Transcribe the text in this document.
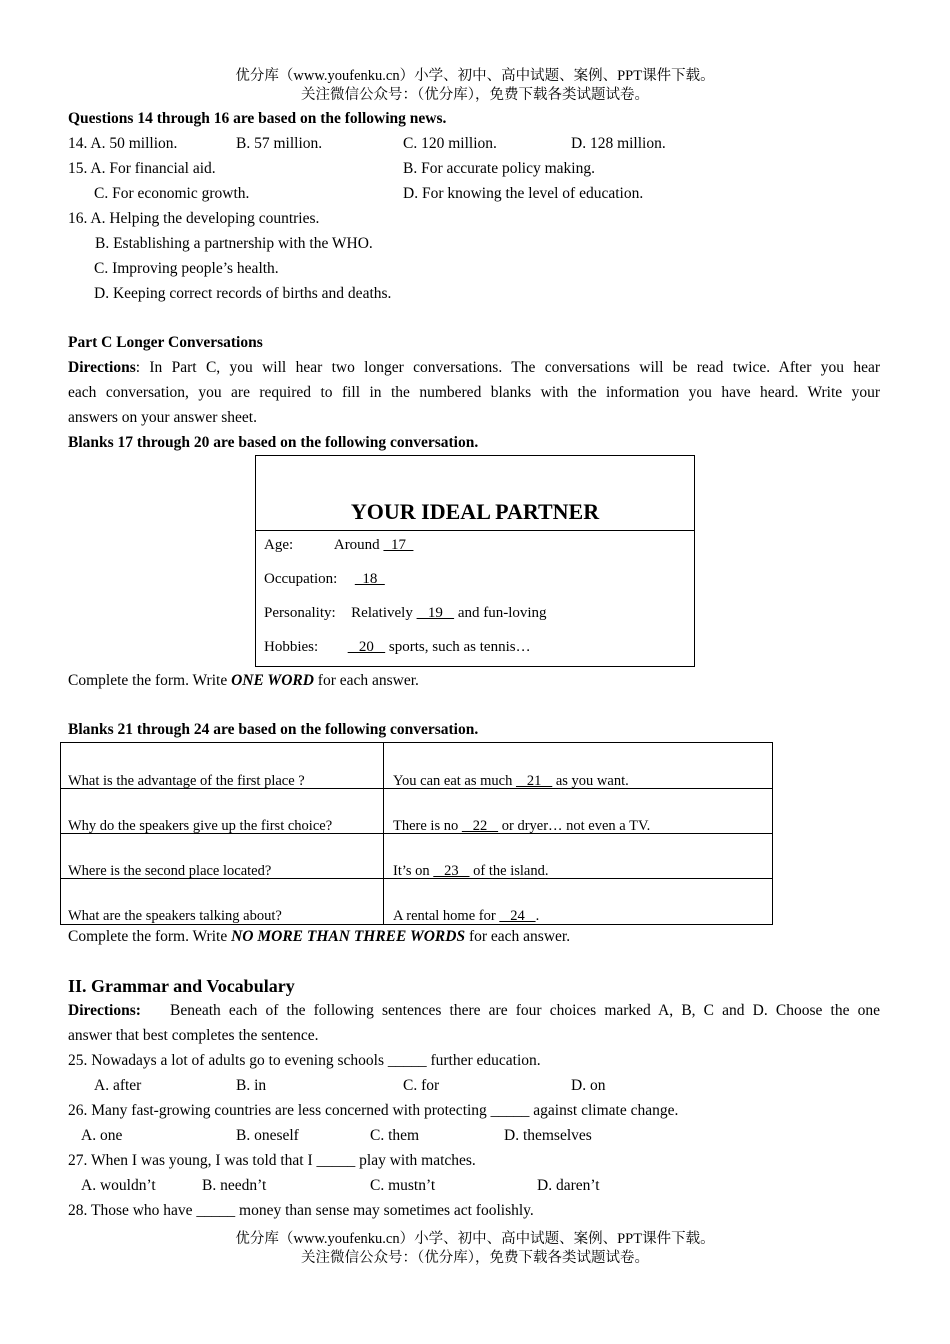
优分库（www.youfenku.cn）小学、初中、高中试题、案例、PPT课件下载。
关注微信公众号：（优分库），免费下载各类试题试卷。
Questions 14 through 16 are based on the following news.
14. A. 50 million.	B. 57 million.	C. 120 million.	D. 128 million.
15. A. For financial aid.	B. For accurate policy making.
C. For economic growth.	D. For knowing the level of education.
16. A. Helping the developing countries.
B. Establishing a partnership with the WHO.
C. Improving people’s health.
D. Keeping correct records of births and deaths.
Part C Longer Conversations
Directions: In Part C, you will hear two longer conversations. The conversations will be read twice. After you hear
each conversation, you are required to fill in the numbered blanks with the information you have heard. Write your
answers on your answer sheet.
Blanks 17 through 20 are based on the following conversation.
YOUR IDEAL PARTNER
Age:	Around   17
Occupation:    18
Personality: Relatively    19    and fun-loving
Hobbies:     20    sports, such as tennis…
Complete the form. Write ONE WORD for each answer.
Blanks 21 through 24 are based on the following conversation.
What is the advantage of the first place ?	You can eat as much    21    as you want.
Why do the speakers give up the first choice?	There is no    22    or dryer… not even a TV.
Where is the second place located?	It’s on    23    of the island.
What are the speakers talking about?	A rental home for    24   .
Complete the form. Write NO MORE THAN THREE WORDS for each answer.
II. Grammar and Vocabulary
Directions: Beneath each of the following sentences there are four choices marked A, B, C and D. Choose the one
answer that best completes the sentence.
25. Nowadays a lot of adults go to evening schools _____ further education.
A. after	B. in	C. for	D. on
26. Many fast-growing countries are less concerned with protecting _____ against climate change.
A. one	B. oneself	C. them	D. themselves
27. When I was young, I was told that I _____ play with matches.
A. wouldn’t	B. needn’t	C. mustn’t	D. daren’t
28. Those who have _____ money than sense may sometimes act foolishly.
优分库（www.youfenku.cn）小学、初中、高中试题、案例、PPT课件下载。
关注微信公众号：（优分库），免费下载各类试题试卷。
